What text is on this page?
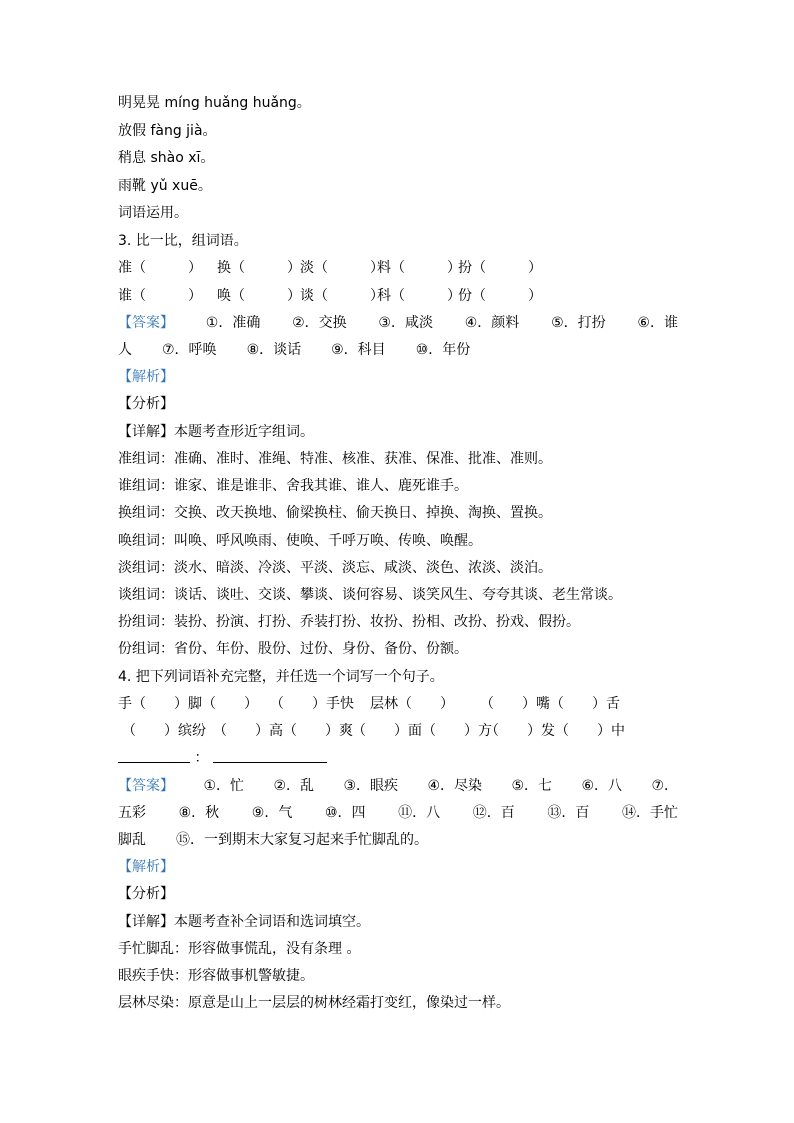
明晃晃 míng huǎng huǎng。
放假 fàng jià。
稍息 shào xī。
雨靴 yǔ xuē。
词语运用。
3. 比一比，组词语。
准（　　　） 换（　　　） 淡（　　　）
料（　　　）
扮（　　　）
谁（　　　） 唤（　　　） 谈（　　　）
科（　　　）
份（　　　）
【答案】 ①．准确 ②．交换 ③．咸淡 ④．颜料 ⑤．打扮 ⑥．谁
人 ⑦．呼唤 ⑧．谈话 ⑨．科目 ⑩．年份
【解析】
【分析】
【详解】本题考查形近字组词。
准组词：准确、准时、准绳、特准、核准、获准、保准、批准、准则。
谁组词：谁家、谁是谁非、舍我其谁、谁人、鹿死谁手。
换组词：交换、改天换地、偷梁换柱、偷天换日、掉换、淘换、置换。
唤组词：叫唤、呼风唤雨、使唤、千呼万唤、传唤、唤醒。
淡组词：淡水、暗淡、冷淡、平淡、淡忘、咸淡、淡色、浓淡、淡泊。
谈组词：谈话、谈吐、交谈、攀谈、谈何容易、谈笑风生、夸夸其谈、老生常谈。
扮组词：装扮、扮演、打扮、乔装打扮、妆扮、扮相、改扮、扮戏、假扮。
份组词：省份、年份、股份、过份、身份、备份、份额。
4. 把下列词语补充完整，并任选一个词写一个句子。
手（　　）脚（　　） （　　）手快 层林（　　） （　　）嘴（　　）舌
（　　）缤纷 （　　）高（　　）爽 （　　）面（　　）方
（　　）发（　　）中
：
【答案】 ①．忙 ②．乱 ③．眼疾 ④．尽染 ⑤．七 ⑥．八 ⑦．
五彩 ⑧．秋 ⑨．气 ⑩．四 ⑪．八 ⑫．百 ⑬．百 ⑭．手忙
脚乱 ⑮．一到期末大家复习起来手忙脚乱的。
【解析】
【分析】
【详解】本题考查补全词语和选词填空。
手忙脚乱：形容做事慌乱，没有条理 。
眼疾手快：形容做事机警敏捷。
层林尽染：原意是山上一层层的树林经霜打变红，像染过一样。
